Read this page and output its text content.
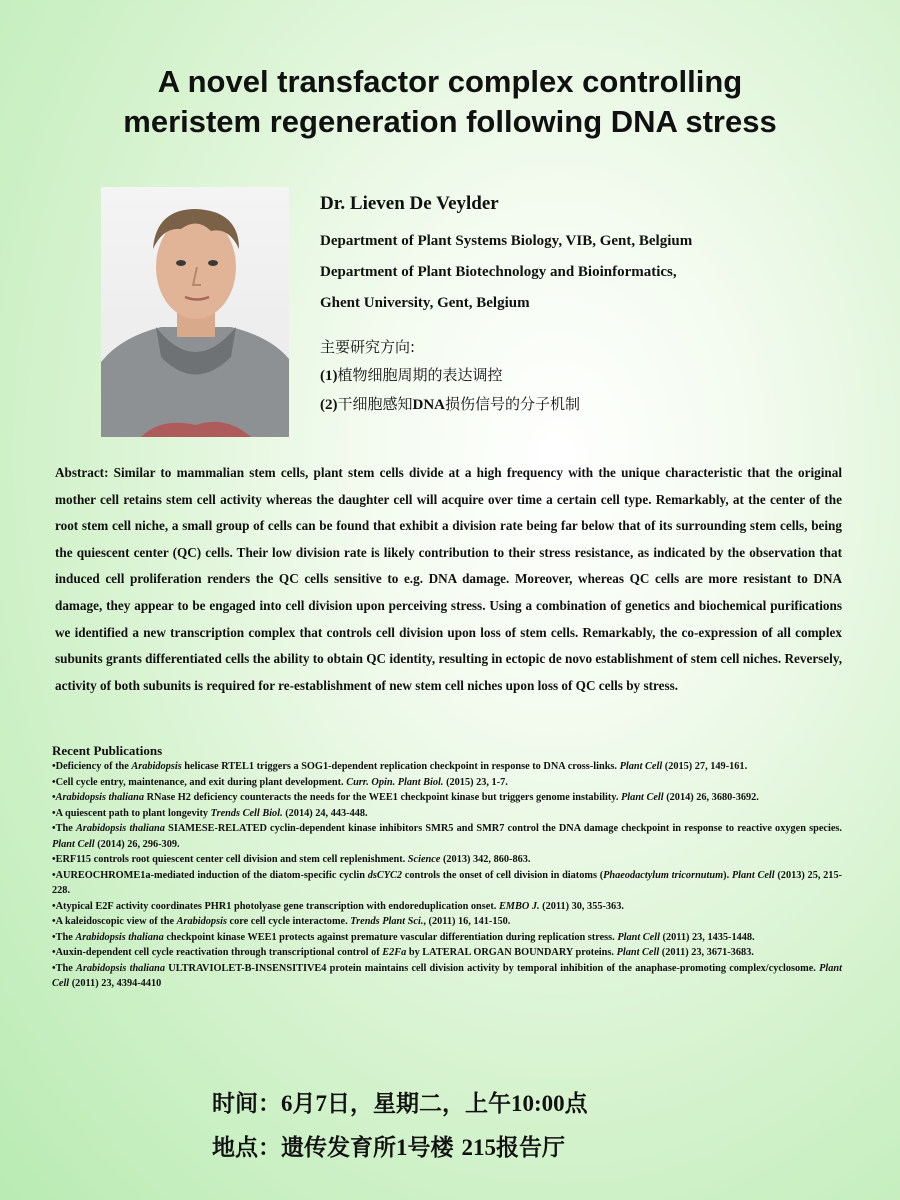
A novel transfactor complex controlling
meristem regeneration following DNA stress
Dr. Lieven De Veylder
Department of Plant Systems Biology, VIB, Gent, Belgium
Department of Plant Biotechnology and Bioinformatics,
Ghent University, Gent, Belgium
主要研究方向:
(1)植物细胞周期的表达调控
(2)干细胞感知DNA损伤信号的分子机制
Abstract: Similar to mammalian stem cells, plant stem cells divide at a high frequency with the unique characteristic that the original mother cell retains stem cell activity whereas the daughter cell will acquire over time a certain cell type. Remarkably, at the center of the root stem cell niche, a small group of cells can be found that exhibit a division rate being far below that of its surrounding stem cells, being the quiescent center (QC) cells. Their low division rate is likely contribution to their stress resistance, as indicated by the observation that induced cell proliferation renders the QC cells sensitive to e.g. DNA damage. Moreover, whereas QC cells are more resistant to DNA damage, they appear to be engaged into cell division upon perceiving stress. Using a combination of genetics and biochemical purifications we identified a new transcription complex that controls cell division upon loss of stem cells. Remarkably, the co-expression of all complex subunits grants differentiated cells the ability to obtain QC identity, resulting in ectopic de novo establishment of stem cell niches. Reversely, activity of both subunits is required for re-establishment of new stem cell niches upon loss of QC cells by stress.
Recent Publications
•Deficiency of the Arabidopsis helicase RTEL1 triggers a SOG1-dependent replication checkpoint in response to DNA cross-links. Plant Cell (2015) 27, 149-161.
•Cell cycle entry, maintenance, and exit during plant development. Curr. Opin. Plant Biol. (2015) 23, 1-7.
•Arabidopsis thaliana RNase H2 deficiency counteracts the needs for the WEE1 checkpoint kinase but triggers genome instability. Plant Cell (2014) 26, 3680-3692.
•A quiescent path to plant longevity Trends Cell Biol. (2014) 24, 443-448.
•The Arabidopsis thaliana SIAMESE-RELATED cyclin-dependent kinase inhibitors SMR5 and SMR7 control the DNA damage checkpoint in response to reactive oxygen species. Plant Cell (2014) 26, 296-309.
•ERF115 controls root quiescent center cell division and stem cell replenishment. Science (2013) 342, 860-863.
•AUREOCHROME1a-mediated induction of the diatom-specific cyclin dsCYC2 controls the onset of cell division in diatoms (Phaeodactylum tricornutum). Plant Cell (2013) 25, 215-228.
•Atypical E2F activity coordinates PHR1 photolyase gene transcription with endoreduplication onset. EMBO J. (2011) 30, 355-363.
•A kaleidoscopic view of the Arabidopsis core cell cycle interactome. Trends Plant Sci., (2011) 16, 141-150.
•The Arabidopsis thaliana checkpoint kinase WEE1 protects against premature vascular differentiation during replication stress. Plant Cell (2011) 23, 1435-1448.
•Auxin-dependent cell cycle reactivation through transcriptional control of E2Fa by LATERAL ORGAN BOUNDARY proteins. Plant Cell (2011) 23, 3671-3683.
•The Arabidopsis thaliana ULTRAVIOLET-B-INSENSITIVE4 protein maintains cell division activity by temporal inhibition of the anaphase-promoting complex/cyclosome. Plant Cell (2011) 23, 4394-4410
时间：6月7日，星期二，上午10:00点
地点：遗传发育所1号楼 215报告厅
